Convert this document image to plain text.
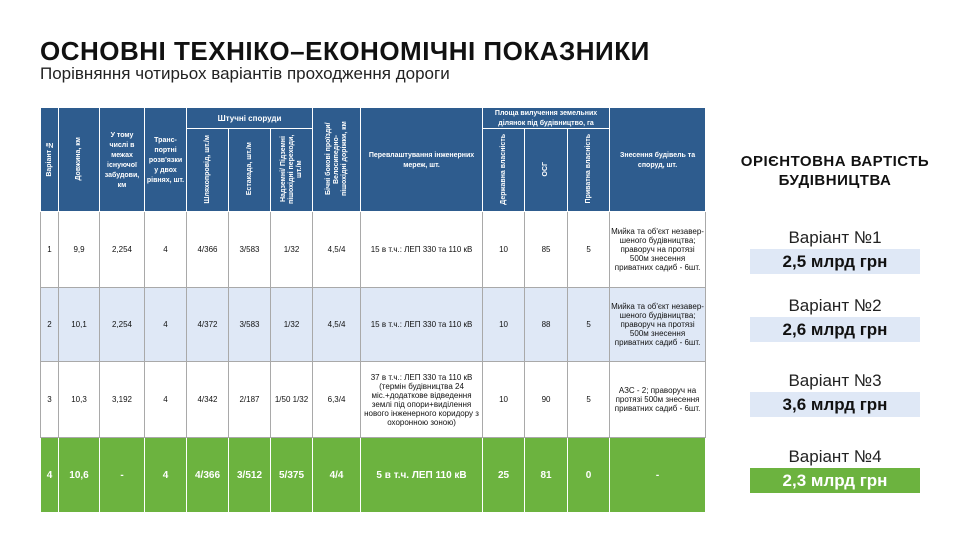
ОСНОВНІ ТЕХНІКО–ЕКОНОМІЧНІ ПОКАЗНИКИ
Порівняння чотирьох варіантів проходження дороги
Варіант №	Довжина, км	У тому числі в межах існуючої забудови, км	Транс-портні розв'язки у двох рівнях, шт.	Штучні споруди			Бічні бокові проїзди/ Велосипедно-пішохідні доріжки, км	Перевлаштування інженерних мереж, шт.	Площа вилучення земельних ділянок під будівництво, га			Знесення будівель та споруд, шт.
				Шляхопровід, шт./м	Естакада, шт./м	Надземні/ Підземні пішохідні переходи, шт./м			Державна власність	ОСГ	Приватна власність	
1	9,9	2,254	4	4/366	3/583	1/32	4,5/4	15 в т.ч.: ЛЕП 330 та 110 кВ	10	85	5	Мийка та об'єкт незавер-шеного будівництва; праворуч на протязі 500м знесення приватних садиб - 6шт.
2	10,1	2,254	4	4/372	3/583	1/32	4,5/4	15 в т.ч.: ЛЕП 330 та 110 кВ	10	88	5	Мийка та об'єкт незавер-шеного будівництва; праворуч на протязі 500м знесення приватних садиб - 6шт.
3	10,3	3,192	4	4/342	2/187	1/50 1/32	6,3/4	37 в т.ч.: ЛЕП 330 та 110 кВ (термін будівництва 24 міс.+додаткове відведення землі під опори+виділення нового інженерного коридору з охоронною зоною)	10	90	5	АЗС - 2; праворуч на протязі 500м знесення приватних садиб - 6шт.
4	10,6	-	4	4/366	3/512	5/375	4/4	5 в т.ч. ЛЕП 110 кВ	25	81	0	-
ОРІЄНТОВНА ВАРТІСТЬ БУДІВНИЦТВА
Варіант №1
2,5 млрд грн
Варіант №2
2,6 млрд грн
Варіант №3
3,6 млрд грн
Варіант №4
2,3 млрд грн
